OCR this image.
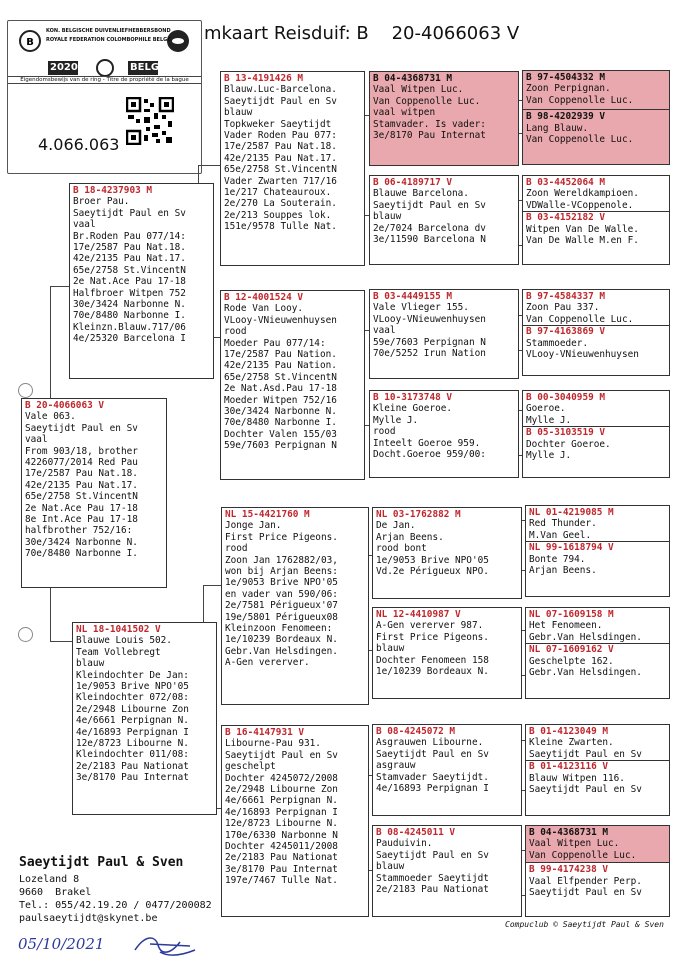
mkaart Reisduif: B 20-4066063 V
B
KON. BELGISCHE DUIVENLIEFHEBBERSBOND
ROYALE FEDERATION COLOMBOPHILE BELGE
2020	BELG
Eigendomsbewijs van de ring - Titre de propriété de la bague
4.066.063
B 20-4066063 V
Vale 063.
Saeytijdt Paul en Sv
vaal
From 903/18, brother
4226077/2014 Red Pau
17e/2587 Pau Nat.18.
42e/2135 Pau Nat.17.
65e/2758 St.VincentN
2e Nat.Ace Pau 17-18
8e Int.Ace Pau 17-18
halfbrother 752/16:
30e/3424 Narbonne N.
70e/8480 Narbonne I.
B 18-4237903 M
Broer Pau.
Saeytijdt Paul en Sv
vaal
Br.Roden Pau 077/14:
17e/2587 Pau Nat.18.
42e/2135 Pau Nat.17.
65e/2758 St.VincentN
2e Nat.Ace Pau 17-18
Halfbroer Witpen 752
30e/3424 Narbonne N.
70e/8480 Narbonne I.
Kleinzn.Blauw.717/06
4e/25320 Barcelona I
NL 18-1041502 V
Blauwe Louis 502.
Team Vollebregt
blauw
Kleindochter De Jan:
1e/9053 Brive NPO'05
Kleindochter 072/08:
2e/2948 Libourne Zon
4e/6661 Perpignan N.
4e/16893 Perpignan I
12e/8723 Libourne N.
Kleindochter 011/08:
2e/2183 Pau Nationat
3e/8170 Pau Internat
B 13-4191426 M
Blauw.Luc-Barcelona.
Saeytijdt Paul en Sv
blauw
Topkweker Saeytijdt
Vader Roden Pau 077:
17e/2587 Pau Nat.18.
42e/2135 Pau Nat.17.
65e/2758 St.VincentN
Vader Zwarten 717/16
1e/217 Chateauroux.
2e/270 La Souterain.
2e/213 Souppes lok.
151e/9578 Tulle Nat.
B 12-4001524 V
Rode Van Looy.
VLooy-VNieuwenhuysen
rood
Moeder Pau 077/14:
17e/2587 Pau Nation.
42e/2135 Pau Nation.
65e/2758 St.VincentN
2e Nat.Asd.Pau 17-18
Moeder Witpen 752/16
30e/3424 Narbonne N.
70e/8480 Narbonne I.
Dochter Valen 155/03
59e/7603 Perpignan N
NL 15-4421760 M
Jonge Jan.
First Price Pigeons.
rood
Zoon Jan 1762882/03,
won bij Arjan Beens:
1e/9053 Brive NPO'05
en vader van 590/06:
2e/7581 Périgueux'07
19e/5801 Périgueux08
Kleinzoon Fenomeen:
1e/10239 Bordeaux N.
Gebr.Van Helsdingen.
A-Gen vererver.
B 16-4147931 V
Libourne-Pau 931.
Saeytijdt Paul en Sv
geschelpt
Dochter 4245072/2008
2e/2948 Libourne Zon
4e/6661 Perpignan N.
4e/16893 Perpignan I
12e/8723 Libourne N.
170e/6330 Narbonne N
Dochter 4245011/2008
2e/2183 Pau Nationat
3e/8170 Pau Internat
197e/7467 Tulle Nat.
B 04-4368731 M
Vaal Witpen Luc.
Van Coppenolle Luc.
vaal witpen
Stamvader. Is vader:
3e/8170 Pau Internat
B 06-4189717 V
Blauwe Barcelona.
Saeytijdt Paul en Sv
blauw
2e/7024 Barcelona dv
3e/11590 Barcelona N
B 03-4449155 M
Vale Vlieger 155.
VLooy-VNieuwenhuysen
vaal
59e/7603 Perpignan N
70e/5252 Irun Nation
B 10-3173748 V
Kleine Goeroe.
Mylle J.
rood
Inteelt Goeroe 959.
Docht.Goeroe 959/00:
NL 03-1762882 M
De Jan.
Arjan Beens.
rood bont
1e/9053 Brive NPO'05
Vd.2e Périgueux NPO.
NL 12-4410987 V
A-Gen vererver 987.
First Price Pigeons.
blauw
Dochter Fenomeen 158
1e/10239 Bordeaux N.
B 08-4245072 M
Asgrauwen Libourne.
Saeytijdt Paul en Sv
asgrauw
Stamvader Saeytijdt.
4e/16893 Perpignan I
B 08-4245011 V
Pauduivin.
Saeytijdt Paul en Sv
blauw
Stammoeder Saeytijdt
2e/2183 Pau Nationat
B 97-4504332 M
Zoon Perpignan.
Van Coppenolle Luc.
B 98-4202939 V
Lang Blauw.
Van Coppenolle Luc.
B 03-4452064 M
Zoon Wereldkampioen.
VDWalle-VCoppenole.
B 03-4152182 V
Witpen Van De Walle.
Van De Walle M.en F.
B 97-4584337 M
Zoon Pau 337.
Van Coppenolle Luc.
B 97-4163869 V
Stammoeder.
VLooy-VNieuwenhuysen
B 00-3040959 M
Goeroe.
Mylle J.
B 05-3103519 V
Dochter Goeroe.
Mylle J.
NL 01-4219085 M
Red Thunder.
M.Van Geel.
NL 99-1618794 V
Bonte 794.
Arjan Beens.
NL 07-1609158 M
Het Fenomeen.
Gebr.Van Helsdingen.
NL 07-1609162 V
Geschelpte 162.
Gebr.Van Helsdingen.
B 01-4123049 M
Kleine Zwarten.
Saeytijdt Paul en Sv
B 01-4123116 V
Blauw Witpen 116.
Saeytijdt Paul en Sv
B 04-4368731 M
Vaal Witpen Luc.
Van Coppenolle Luc.
B 99-4174238 V
Vaal Elfpender Perp.
Saeytijdt Paul en Sv
Saeytijdt Paul & Sven
Lozeland 8
9660  Brakel
Tel.: 055/42.19.20 / 0477/200082
paulsaeytijdt@skynet.be
Compuclub © Saeytijdt Paul & Sven
05/10/2021
